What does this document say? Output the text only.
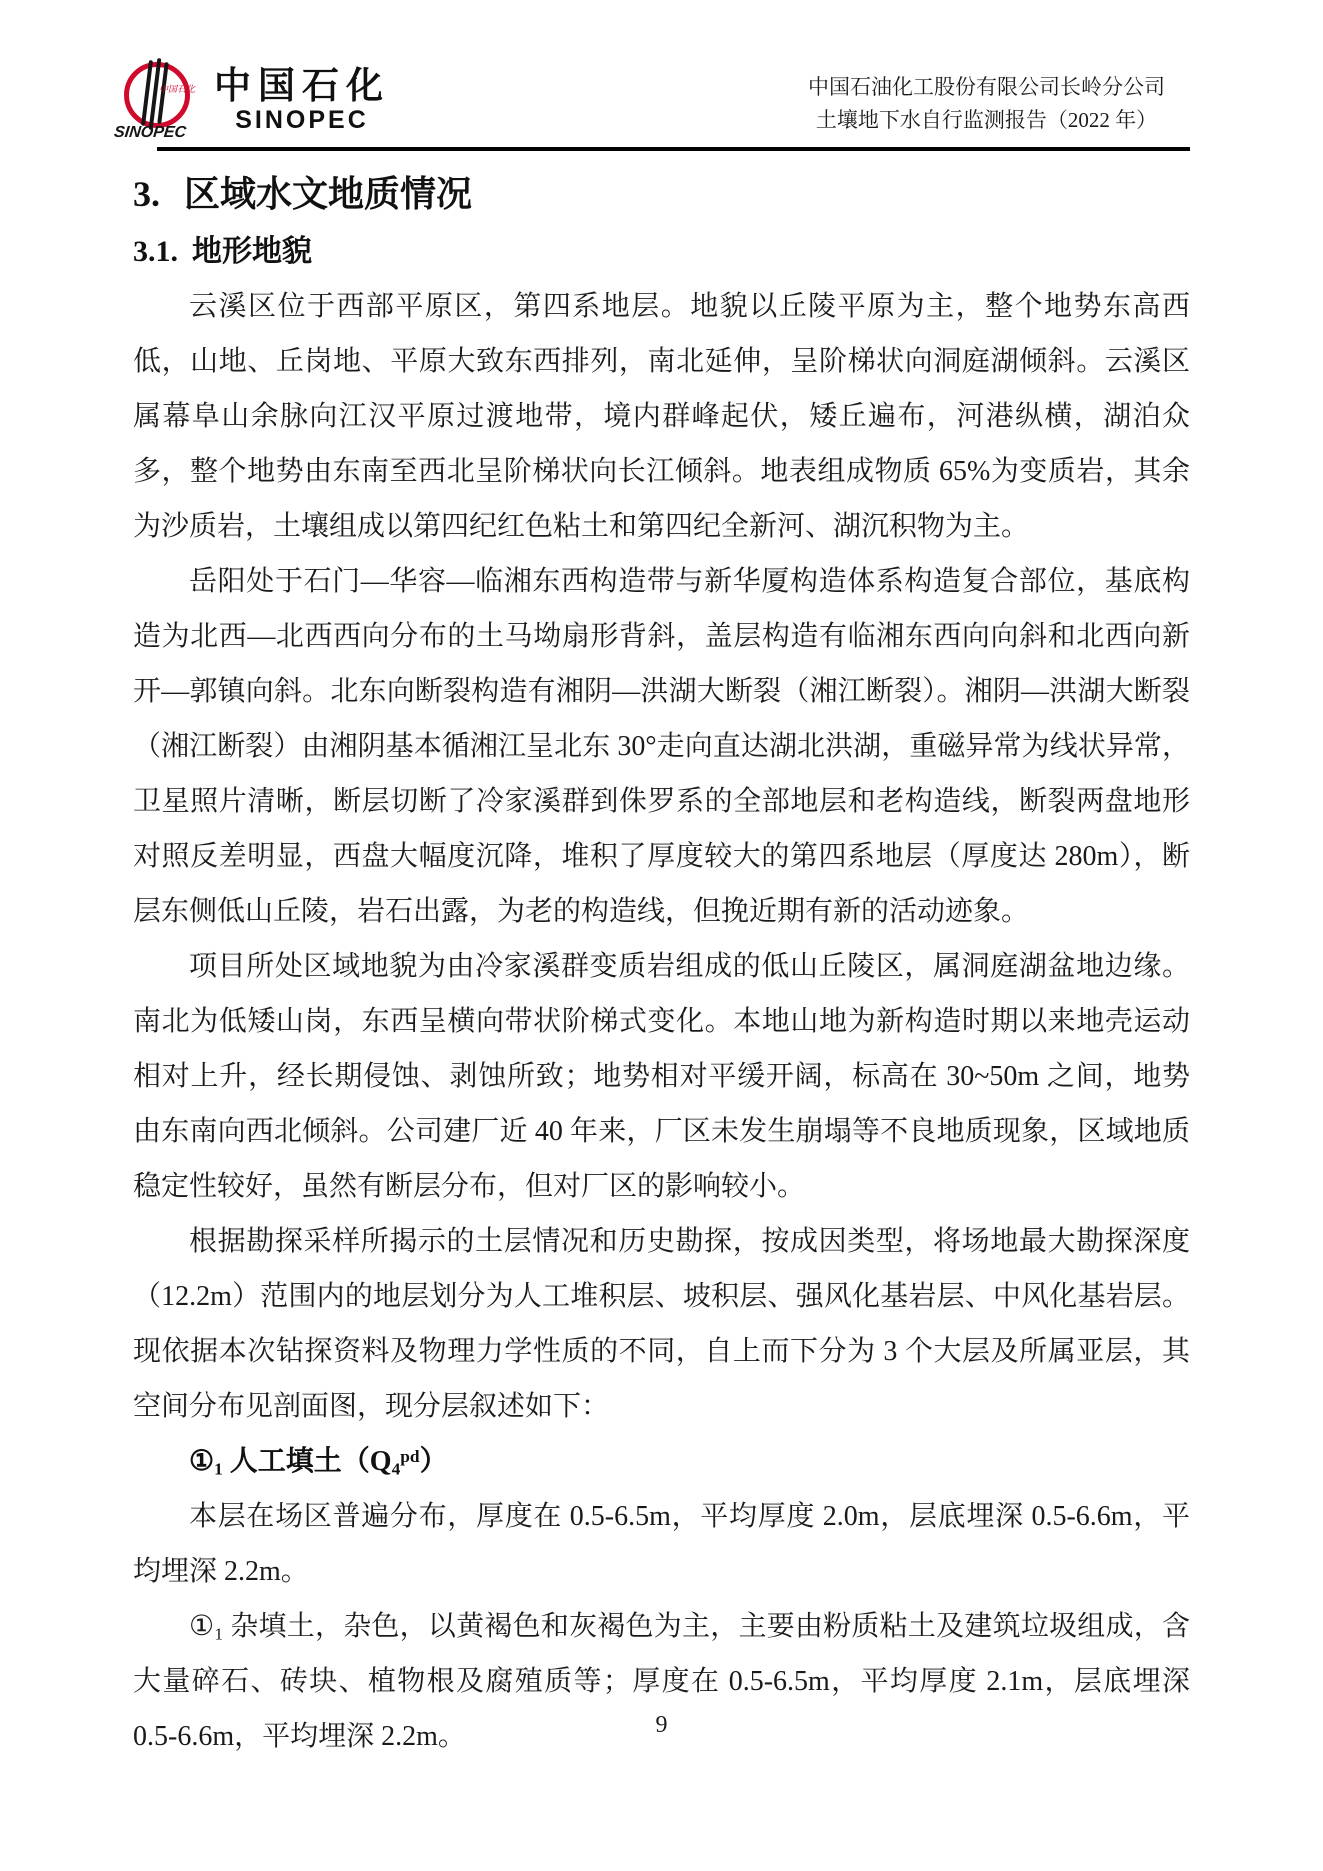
中国石化
SINOPEC
中国石化
SINOPEC
中国石油化工股份有限公司长岭分公司
土壤地下水自行监测报告（2022 年）
3. 区域水文地质情况
3.1. 地形地貌

云溪区位于西部平原区，第四系地层。地貌以丘陵平原为主，整个地势东高西低，山地、丘岗地、平原大致东西排列，南北延伸，呈阶梯状向洞庭湖倾斜。云溪区属幕阜山余脉向江汉平原过渡地带，境内群峰起伏，矮丘遍布，河港纵横，湖泊众多，整个地势由东南至西北呈阶梯状向长江倾斜。地表组成物质 65%为变质岩，其余为沙质岩，土壤组成以第四纪红色粘土和第四纪全新河、湖沉积物为主。

岳阳处于石门—华容—临湘东西构造带与新华厦构造体系构造复合部位，基底构造为北西—北西西向分布的土马坳扇形背斜，盖层构造有临湘东西向向斜和北西向新开—郭镇向斜。北东向断裂构造有湘阴—洪湖大断裂（湘江断裂）。湘阴—洪湖大断裂（湘江断裂）由湘阴基本循湘江呈北东 30°走向直达湖北洪湖，重磁异常为线状异常，卫星照片清晰，断层切断了冷家溪群到侏罗系的全部地层和老构造线，断裂两盘地形对照反差明显，西盘大幅度沉降，堆积了厚度较大的第四系地层（厚度达 280m），断层东侧低山丘陵，岩石出露，为老的构造线，但挽近期有新的活动迹象。

项目所处区域地貌为由冷家溪群变质岩组成的低山丘陵区，属洞庭湖盆地边缘。南北为低矮山岗，东西呈横向带状阶梯式变化。本地山地为新构造时期以来地壳运动相对上升，经长期侵蚀、剥蚀所致；地势相对平缓开阔，标高在 30~50m 之间，地势由东南向西北倾斜。公司建厂近 40 年来，厂区未发生崩塌等不良地质现象，区域地质稳定性较好，虽然有断层分布，但对厂区的影响较小。

根据勘探采样所揭示的土层情况和历史勘探，按成因类型，将场地最大勘探深度（12.2m）范围内的地层划分为人工堆积层、坡积层、强风化基岩层、中风化基岩层。现依据本次钻探资料及物理力学性质的不同，自上而下分为 3 个大层及所属亚层，其空间分布见剖面图，现分层叙述如下：

$①_1$ 人工填土$(Q_4^{pd})$

本层在场区普遍分布，厚度在 0.5-6.5m，平均厚度 2.0m，层底埋深 0.5-6.6m，平均埋深 2.2m。

$①_1$ 杂填土，杂色，以黄褐色和灰褐色为主，主要由粉质粘土及建筑垃圾组成，含大量碎石、砖块、植物根及腐殖质等；厚度在 0.5-6.5m，平均厚度 2.1m，层底埋深 0.5-6.6m，平均埋深 2.2m。	9
